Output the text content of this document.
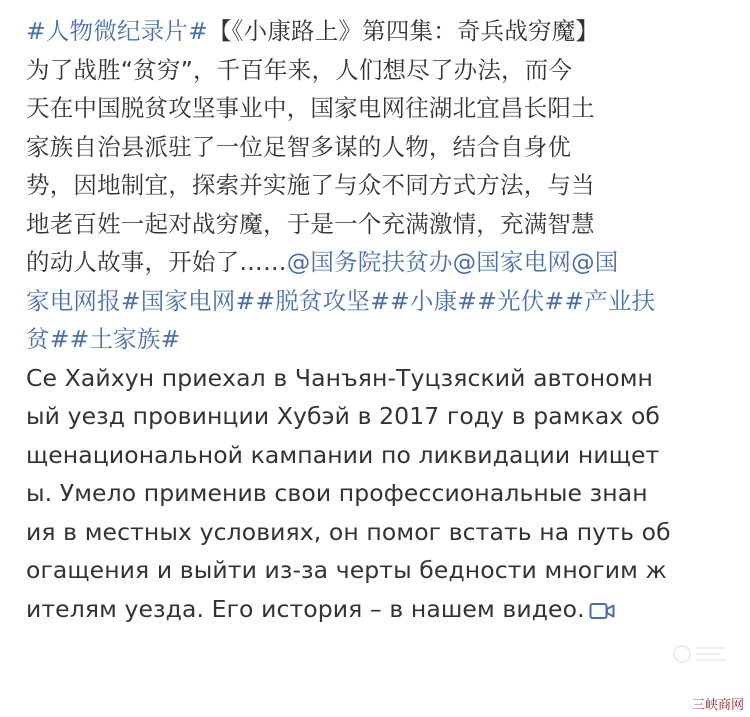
#人物微纪录片#【《小康路上》第四集：奇兵战穷魔】
为了战胜“贫穷”，千百年来，人们想尽了办法，而今
天在中国脱贫攻坚事业中，国家电网往湖北宜昌长阳土
家族自治县派驻了一位足智多谋的人物，结合自身优
势，因地制宜，探索并实施了与众不同方式方法，与当
地老百姓一起对战穷魔，于是一个充满激情，充满智慧
的动人故事，开始了……@国务院扶贫办@国家电网@国
家电网报#国家电网##脱贫攻坚##小康##光伏##产业扶
贫##土家族#
Се Хайхун приехал в Чанъян-Туцзяский автономн
ый уезд провинции Хубэй в 2017 году в рамках об
щенациональной кампании по ликвидации нищет
ы. Умело применив свои профессиональные знан
ия в местных условиях, он помог встать на путь об
огащения и выйти из-за черты бедности многим ж
ителям уезда. Его история – в нашем видео.
三峡商网
